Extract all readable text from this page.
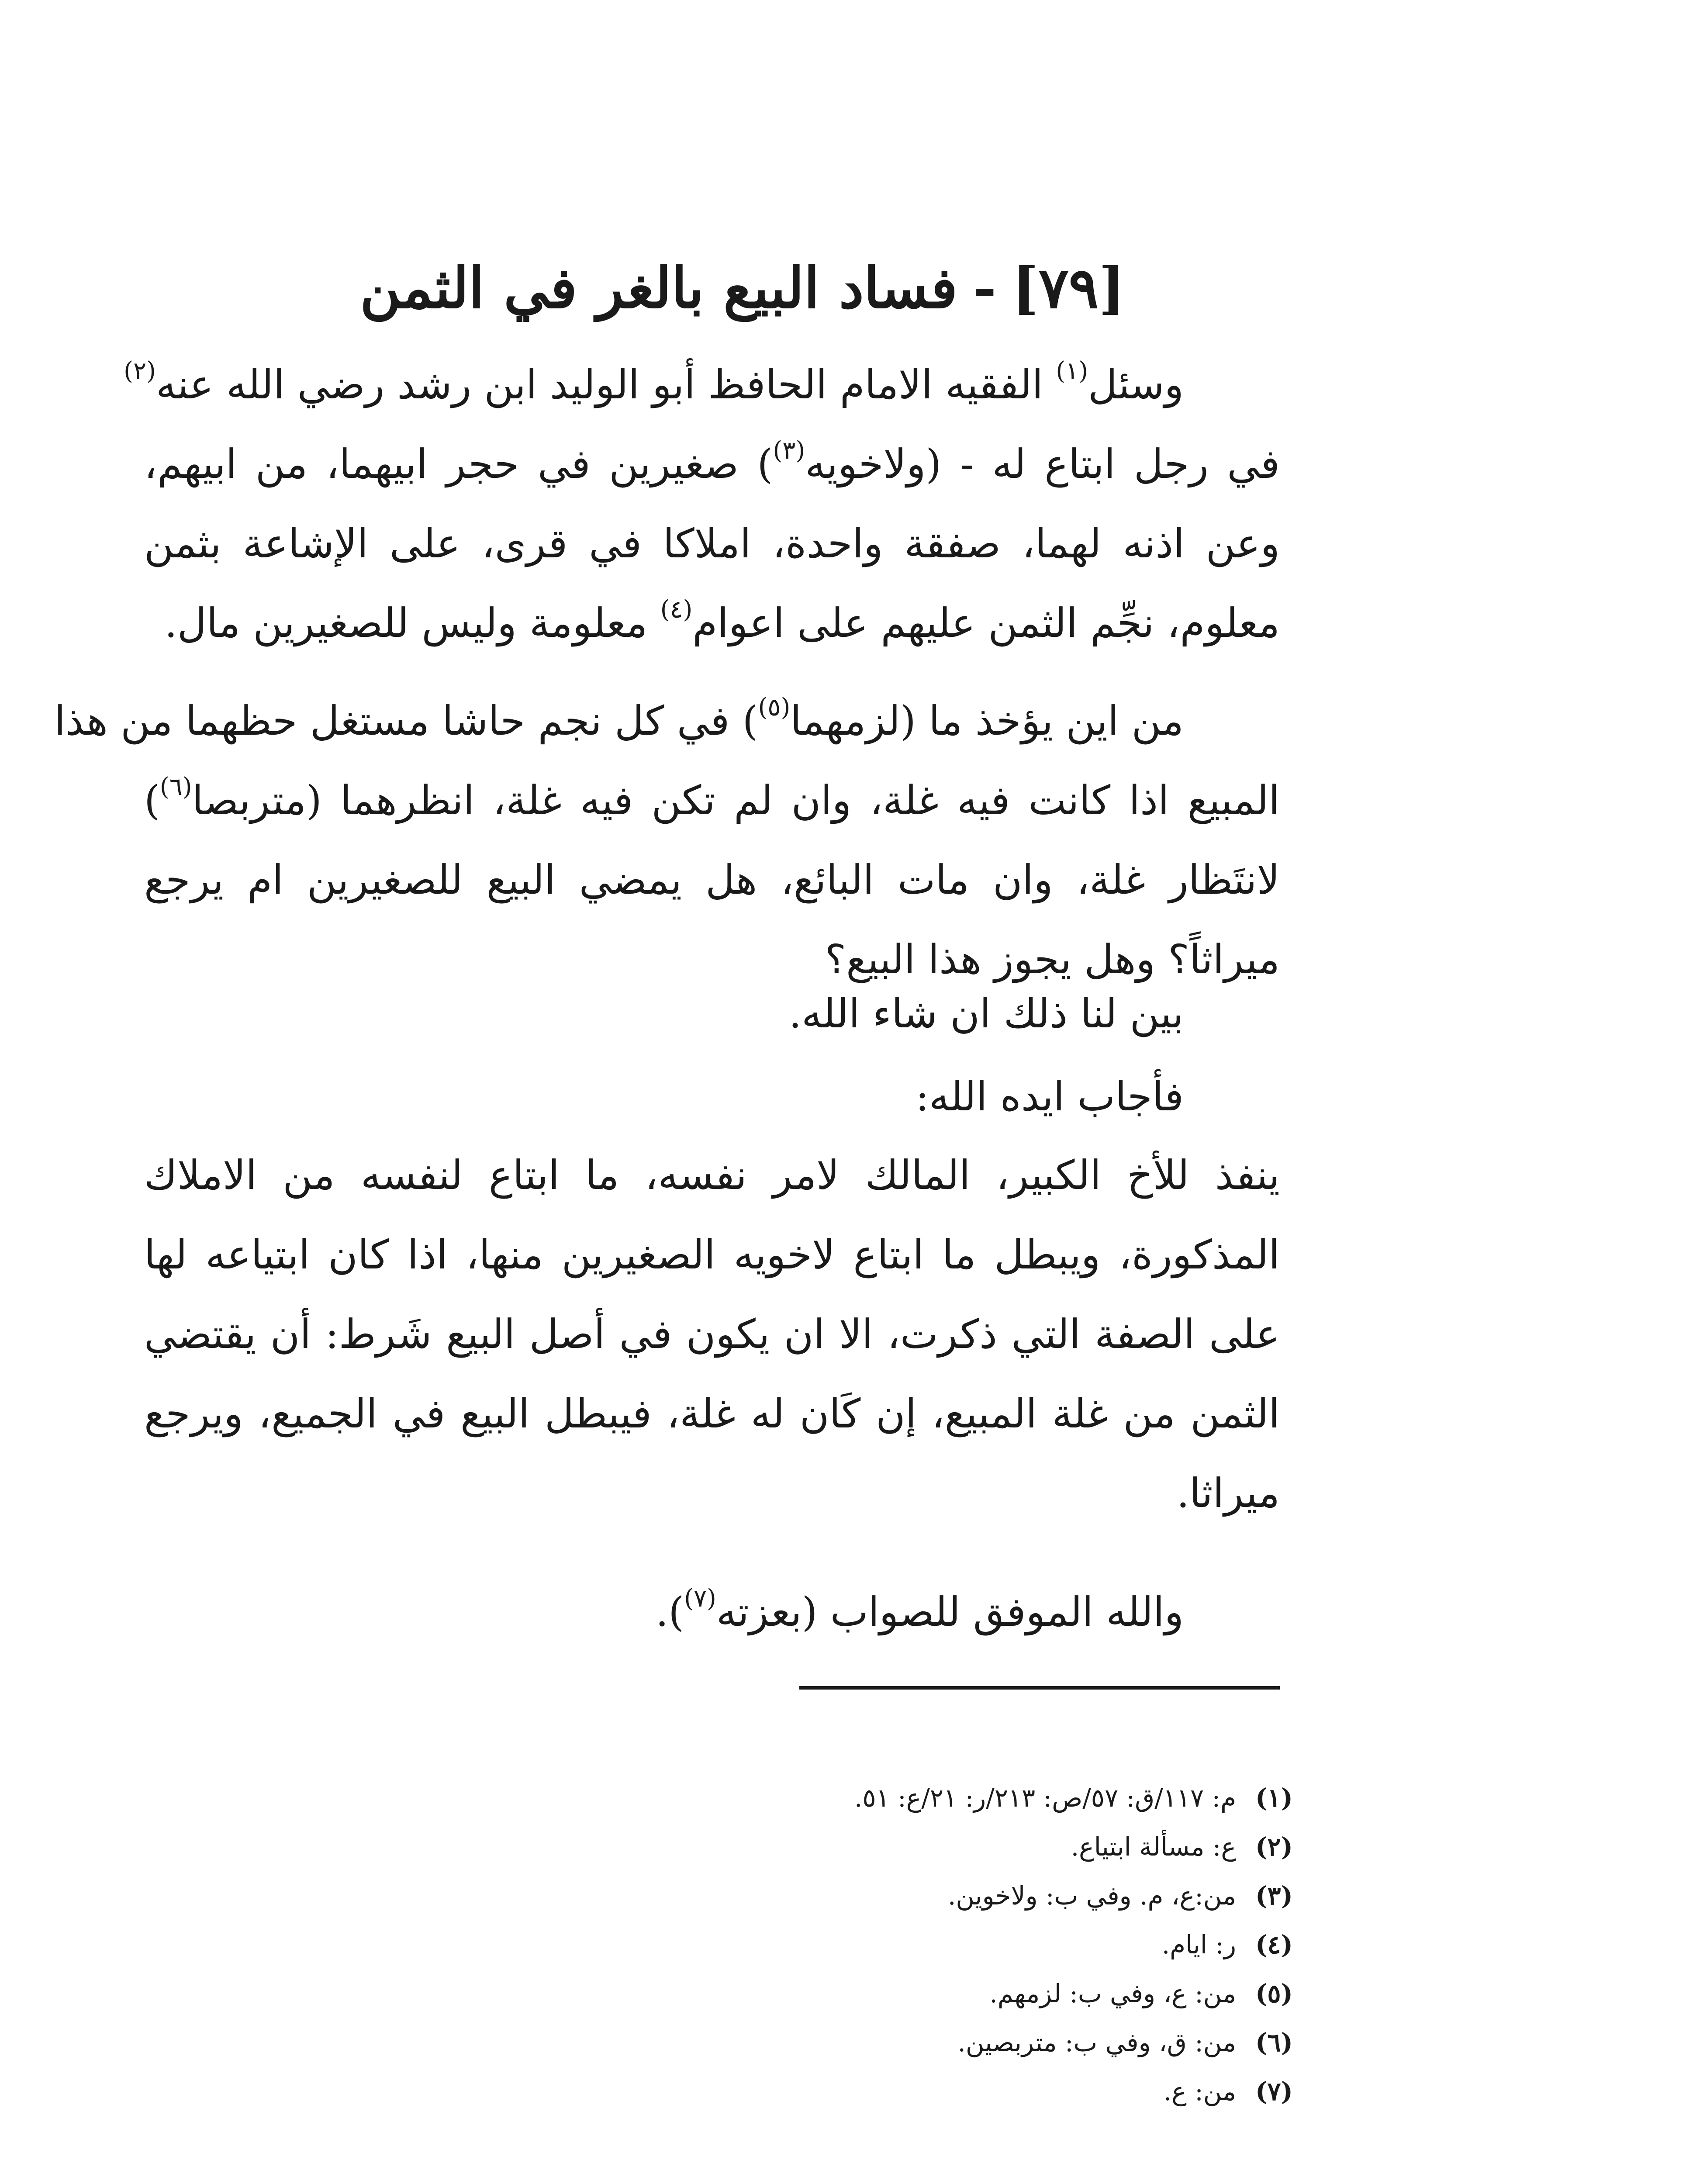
[٧٩]-فساد البيع بالغر في الثمن
وسئل$^{(١)}$ الفقيه الامام الحافظ أبو الوليد ابن رشد رضي الله عنه$^{(٢)}$
في رجل ابتاع له - (ولاخويه$^{(٣)}$) صغيرين في حجر ابيهما، من ابيهم،
وعن اذنه لهما، صفقة واحدة، املاكا في قرى، على الإشاعة بثمن
معلوم، نجِّم الثمن عليهم على اعوام$^{(٤)}$ معلومة وليس للصغيرين مال.
من اين يؤخذ ما (لزمهما$^{(٥)}$) في كل نجم حاشا مستغل حظهما من هذا
المبيع اذا كانت فيه غلة، وان لم تكن فيه غلة، انظرهما (متربصا$^{(٦)}$)
لانتَظار غلة، وان مات البائع، هل يمضي البيع للصغيرين ام يرجع
ميراثاً؟ وهل يجوز هذا البيع؟
بين لنا ذلك ان شاء الله.
فأجاب ايده الله:
ينفذ للأخ الكبير، المالك لامر نفسه، ما ابتاع لنفسه من الاملاك
المذكورة، ويبطل ما ابتاع لاخويه الصغيرين منها، اذا كان ابتياعه لها
على الصفة التي ذكرت، الا ان يكون في أصل البيع شَرط: أن يقتضي
الثمن من غلة المبيع، إن كَان له غلة، فيبطل البيع في الجميع، ويرجع
ميراثا.
والله الموفق للصواب (بعزته$^{(٧)}$).
(١)
م: ١١٧/ق: ٥٧/ص: ٢١٣/ر: ٢١/ع: ٥١.
(٢)
ع: مسألة ابتياع.
(٣)
من:ع، م. وفي ب: ولاخوين.
(٤)
ر: ايام.
(٥)
من: ع، وفي ب: لزمهم.
(٦)
من: ق، وفي ب: متربصين.
(٧)
من: ع.
